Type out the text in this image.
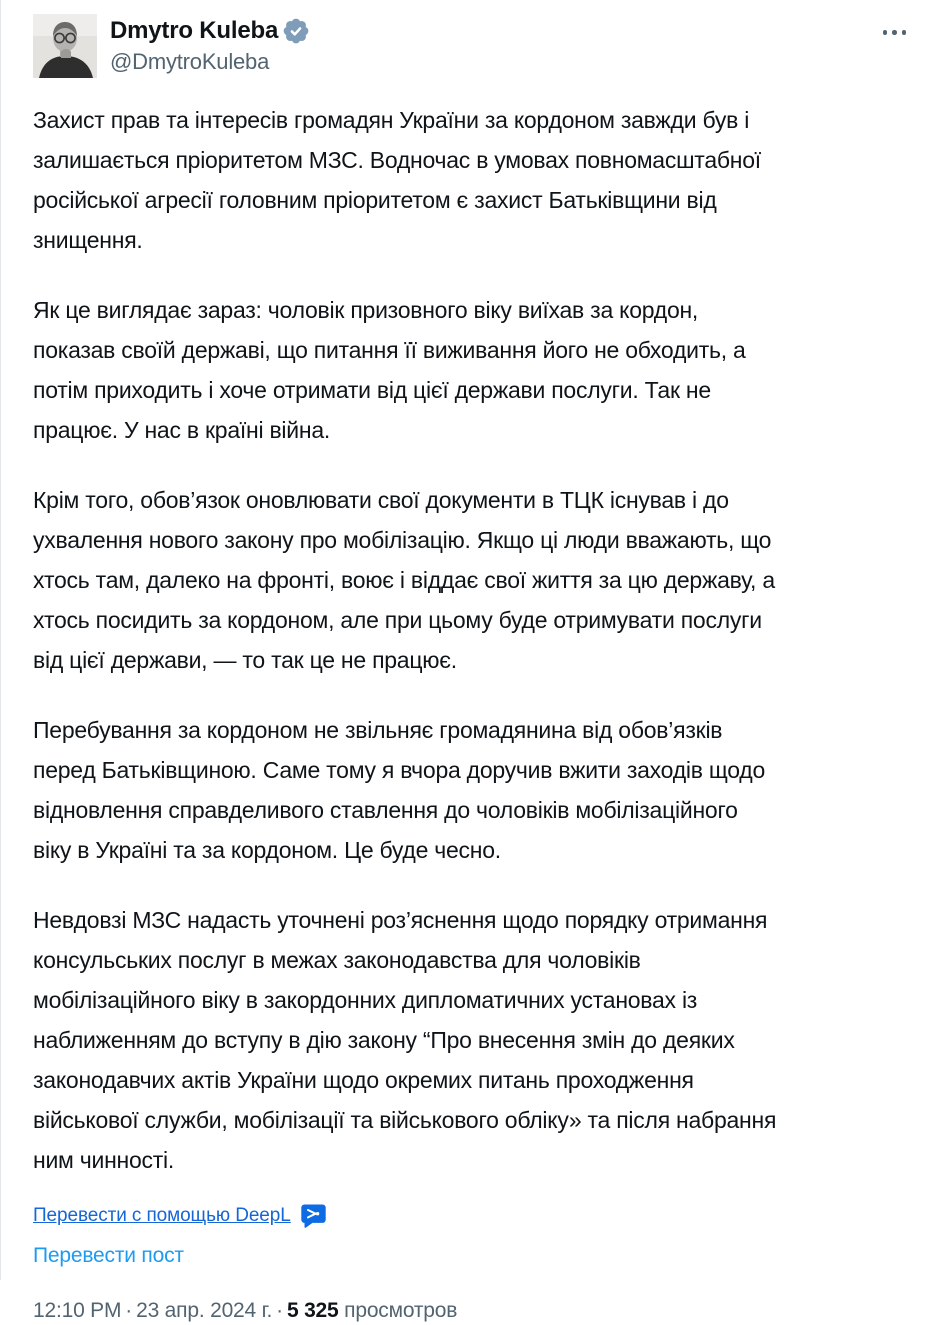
Dmytro Kuleba
@DmytroKuleba

Захист прав та інтересів громадян України за кордоном завжди був і
залишається пріоритетом МЗС. Водночас в умовах повномасштабної
російської агресії головним пріоритетом є захист Батьківщини від
знищення.

Як це виглядає зараз: чоловік призовного віку виїхав за кордон,
показав своїй державі, що питання її виживання його не обходить, а
потім приходить і хоче отримати від цієї держави послуги. Так не
працює. У нас в країні війна.

Крім того, обов’язок оновлювати свої документи в ТЦК існував і до
ухвалення нового закону про мобілізацію. Якщо ці люди вважають, що
хтось там, далеко на фронті, воює і віддає свої життя за цю державу, а
хтось посидить за кордоном, але при цьому буде отримувати послуги
від цієї держави, — то так це не працює.

Перебування за кордоном не звільняє громадянина від обов’язків
перед Батьківщиною. Саме тому я вчора доручив вжити заходів щодо
відновлення справделивого ставлення до чоловіків мобілізаційного
віку в Україні та за кордоном. Це буде чесно.

Невдовзі МЗС надасть уточнені роз’яснення щодо порядку отримання
консульських послуг в межах законодавства для чоловіків
мобілізаційного віку в закордонних дипломатичних установах із
наближенням до вступу в дію закону “Про внесення змін до деяких
законодавчих актів України щодо окремих питань проходження
військової служби, мобілізації та військового обліку» та після набрання
ним чинності.

Перевести с помощью DeepL
Перевести пост
12:10 PM · 23 апр. 2024 г. · 5 325 просмотров
